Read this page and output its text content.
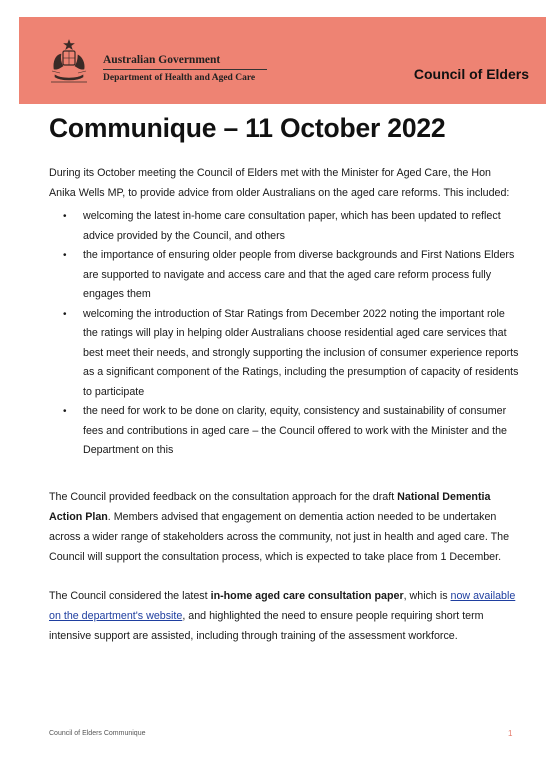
Australian Government
Department of Health and Aged Care	Council of Elders
Communique – 11 October 2022

During its October meeting the Council of Elders met with the Minister for Aged Care, the Hon Anika Wells MP, to provide advice from older Australians on the aged care reforms. This included:

• welcoming the latest in-home care consultation paper, which has been updated to reflect advice provided by the Council, and others
• the importance of ensuring older people from diverse backgrounds and First Nations Elders are supported to navigate and access care and that the aged care reform process fully engages them
• welcoming the introduction of Star Ratings from December 2022 noting the important role the ratings will play in helping older Australians choose residential aged care services that best meet their needs, and strongly supporting the inclusion of consumer experience reports as a significant component of the Ratings, including the presumption of capacity of residents to participate
• the need for work to be done on clarity, equity, consistency and sustainability of consumer fees and contributions in aged care – the Council offered to work with the Minister and the Department on this

The Council provided feedback on the consultation approach for the draft National Dementia Action Plan. Members advised that engagement on dementia action needed to be undertaken across a wider range of stakeholders across the community, not just in health and aged care. The Council will support the consultation process, which is expected to take place from 1 December.

The Council considered the latest in-home aged care consultation paper, which is now available on the department's website, and highlighted the need to ensure people requiring short term intensive support are assisted, including through training of the assessment workforce.

Council of Elders Communique	1
